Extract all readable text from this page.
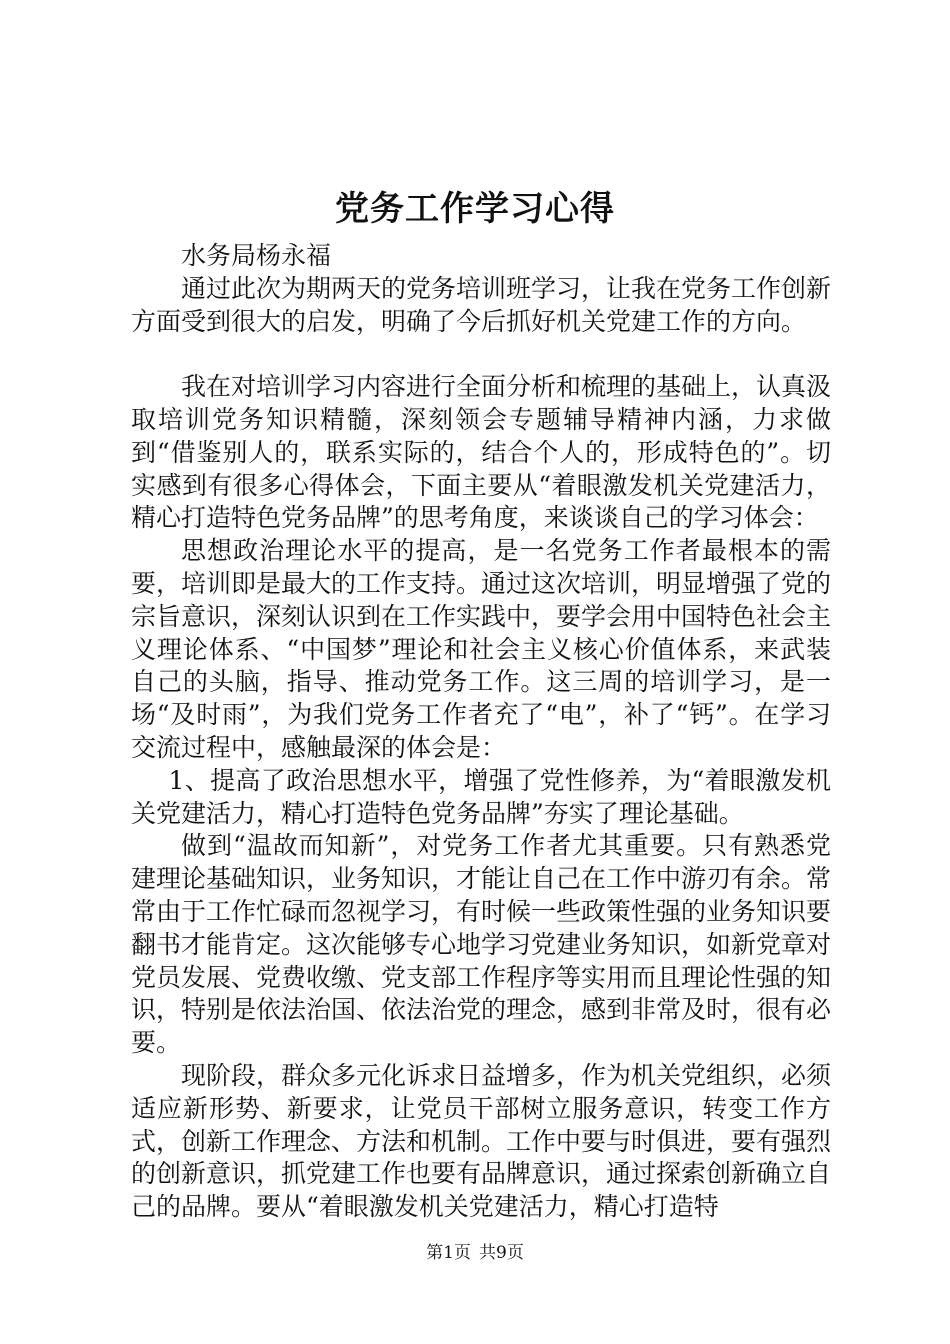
党务工作学习心得

水务局杨永福

通过此次为期两天的党务培训班学习，让我在党务工作创新方面受到很大的启发，明确了今后抓好机关党建工作的方向。

我在对培训学习内容进行全面分析和梳理的基础上，认真汲取培训党务知识精髓，深刻领会专题辅导精神内涵，力求做到“借鉴别人的，联系实际的，结合个人的，形成特色的”。切实感到有很多心得体会，下面主要从“着眼激发机关党建活力，精心打造特色党务品牌”的思考角度，来谈谈自己的学习体会：

思想政治理论水平的提高，是一名党务工作者最根本的需要，培训即是最大的工作支持。通过这次培训，明显增强了党的宗旨意识，深刻认识到在工作实践中，要学会用中国特色社会主义理论体系、“中国梦”理论和社会主义核心价值体系，来武装自己的头脑，指导、推动党务工作。这三周的培训学习，是一场“及时雨”，为我们党务工作者充了“电”，补了“钙”。在学习交流过程中，感触最深的体会是：

1、提高了政治思想水平，增强了党性修养，为“着眼激发机关党建活力，精心打造特色党务品牌”夯实了理论基础。

做到“温故而知新”，对党务工作者尤其重要。只有熟悉党建理论基础知识，业务知识，才能让自己在工作中游刃有余。常常由于工作忙碌而忽视学习，有时候一些政策性强的业务知识要翻书才能肯定。这次能够专心地学习党建业务知识，如新党章对党员发展、党费收缴、党支部工作程序等实用而且理论性强的知识，特别是依法治国、依法治党的理念，感到非常及时，很有必要。

现阶段，群众多元化诉求日益增多，作为机关党组织，必须适应新形势、新要求，让党员干部树立服务意识，转变工作方式，创新工作理念、方法和机制。工作中要与时俱进，要有强烈的创新意识，抓党建工作也要有品牌意识，通过探索创新确立自己的品牌。要从“着眼激发机关党建活力，精心打造特

第1页 共9页
